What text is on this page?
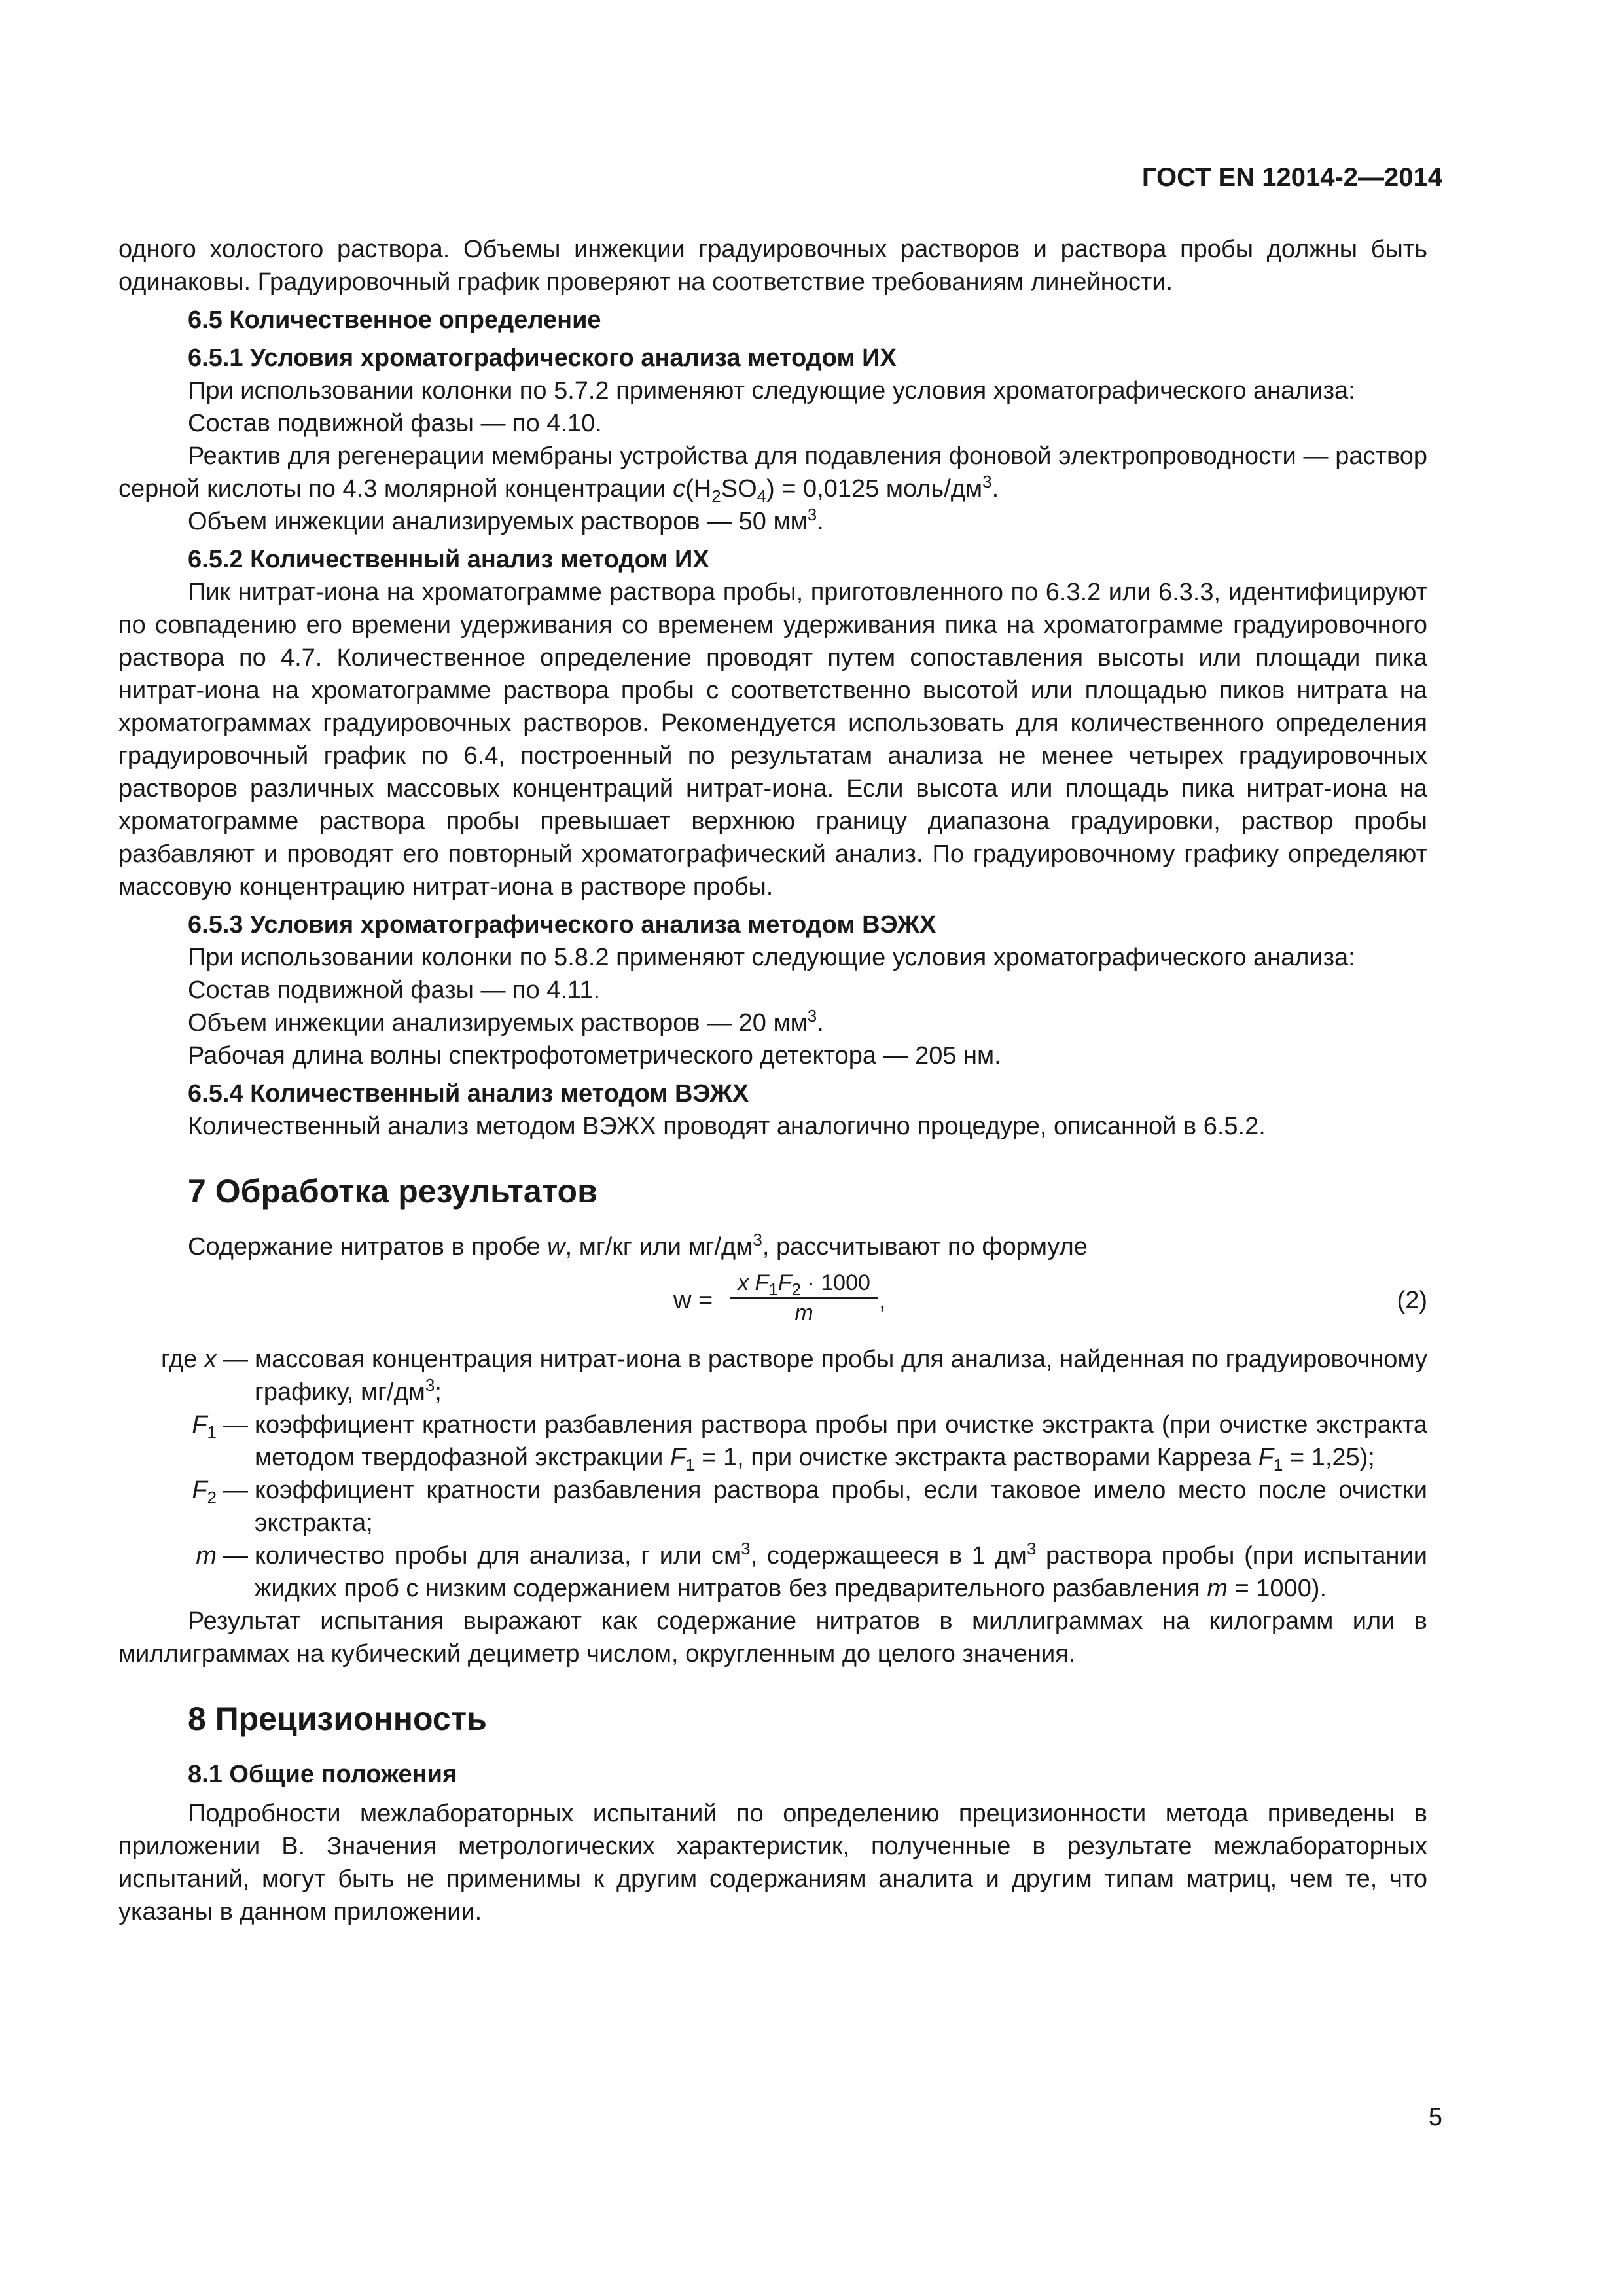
ГОСТ EN 12014-2—2014

одного холостого раствора. Объемы инжекции градуировочных растворов и раствора пробы должны быть одинаковы. Градуировочный график проверяют на соответствие требованиям линейности.

6.5 Количественное определение
6.5.1 Условия хроматографического анализа методом ИХ

При использовании колонки по 5.7.2 применяют следующие условия хроматографического анализа:

Состав подвижной фазы — по 4.10.

Реактив для регенерации мембраны устройства для подавления фоновой электропроводности — раствор серной кислоты по 4.3 молярной концентрации $c(H_2SO_4) = 0,0125$ моль/$дм^3$.

Объем инжекции анализируемых растворов — 50 $мм^3$.

6.5.2 Количественный анализ методом ИХ

Пик нитрат-иона на хроматограмме раствора пробы, приготовленного по 6.3.2 или 6.3.3, идентифицируют по совпадению его времени удерживания со временем удерживания пика на хроматограмме градуировочного раствора по 4.7. Количественное определение проводят путем сопоставления высоты или площади пика нитрат-иона на хроматограмме раствора пробы с соответственно высотой или площадью пиков нитрата на хроматограммах градуировочных растворов. Рекомендуется использовать для количественного определения градуировочный график по 6.4, построенный по результатам анализа не менее четырех градуировочных растворов различных массовых концентраций нитрат-иона. Если высота или площадь пика нитрат-иона на хроматограмме раствора пробы превышает верхнюю границу диапазона градуировки, раствор пробы разбавляют и проводят его повторный хроматографический анализ. По градуировочному графику определяют массовую концентрацию нитрат-иона в растворе пробы.

6.5.3 Условия хроматографического анализа методом ВЭЖХ

При использовании колонки по 5.8.2 применяют следующие условия хроматографического анализа:

Состав подвижной фазы — по 4.11.

Объем инжекции анализируемых растворов — 20 $мм^3$.

Рабочая длина волны спектрофотометрического детектора — 205 нм.

6.5.4 Количественный анализ методом ВЭЖХ

Количественный анализ методом ВЭЖХ проводят аналогично процедуре, описанной в 6.5.2.

7 Обработка результатов

Содержание нитратов в пробе w, мг/кг или $мг/дм^3$, рассчитывают по формуле

$w = \frac{x F_1F_2 \cdot 1000}{m}$ ,	(2)
где x — массовая концентрация нитрат-иона в растворе пробы для анализа, найденная по градуировочному графику, $мг/дм^3$;
$F_1$ — коэффициент кратности разбавления раствора пробы при очистке экстракта (при очистке экстракта методом твердофазной экстракции $F_1 = 1$, при очистке экстракта растворами Карреза $F_1 = 1,25$);
$F_2$ — коэффициент кратности разбавления раствора пробы, если таковое имело место после очистки экстракта;
m — количество пробы для анализа, г или $см^3$, содержащееся в 1 $дм^3$ раствора пробы (при испытании жидких проб с низким содержанием нитратов без предварительного разбавления m = 1000).

Результат испытания выражают как содержание нитратов в миллиграммах на килограмм или в миллиграммах на кубический дециметр числом, округленным до целого значения.

8 Прецизионность
8.1 Общие положения

Подробности межлабораторных испытаний по определению прецизионности метода приведены в приложении В. Значения метрологических характеристик, полученные в результате межлабораторных испытаний, могут быть не применимы к другим содержаниям аналита и другим типам матриц, чем те, что указаны в данном приложении.

5
